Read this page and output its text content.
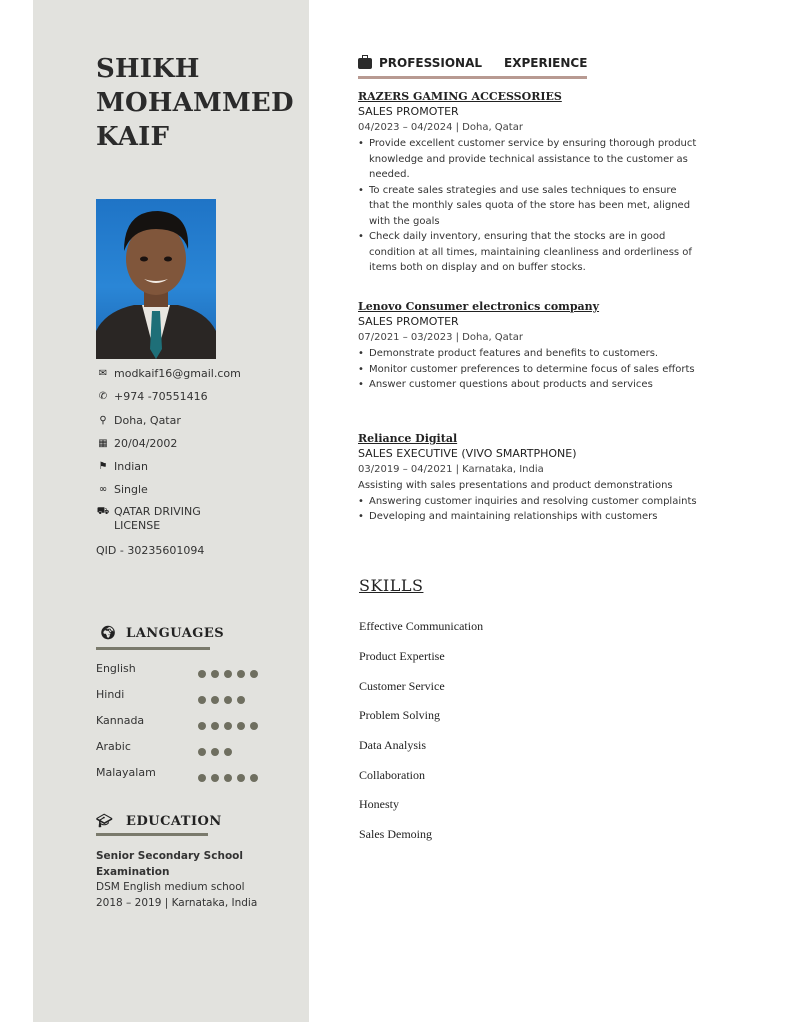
SHIKH
MOHAMMED
KAIF
✉ modkaif16@gmail.com
✆ +974 -70551416
⚲ Doha, Qatar
▦ 20/04/2002
⚑ Indian
∞ Single
⛟ QATAR DRIVING
LICENSE
QID - 30235601094
🌍︎ LANGUAGES
English
Hindi
Kannada
Arabic
Malayalam
🎓︎ EDUCATION
Senior Secondary School Examination
DSM English medium school
2018 – 2019 | Karnataka, India
PROFESSIONAL EXPERIENCE
RAZERS GAMING ACCESSORIES
SALES PROMOTER
04/2023 – 04/2024 | Doha, Qatar
• Provide excellent customer service by ensuring thorough product knowledge and provide technical assistance to the customer as needed.
• To create sales strategies and use sales techniques to ensure that the monthly sales quota of the store has been met, aligned with the goals
• Check daily inventory, ensuring that the stocks are in good condition at all times, maintaining cleanliness and orderliness of items both on display and on buffer stocks.
Lenovo Consumer electronics company
SALES PROMOTER
07/2021 – 03/2023 | Doha, Qatar
• Demonstrate product features and benefits to customers.
• Monitor customer preferences to determine focus of sales efforts
• Answer customer questions about products and services
Reliance Digital
SALES EXECUTIVE (VIVO SMARTPHONE)
03/2019 – 04/2021 | Karnataka, India
Assisting with sales presentations and product demonstrations
• Answering customer inquiries and resolving customer complaints
• Developing and maintaining relationships with customers
SKILLS
Effective Communication
Product Expertise
Customer Service
Problem Solving
Data Analysis
Collaboration
Honesty
Sales Demoing
